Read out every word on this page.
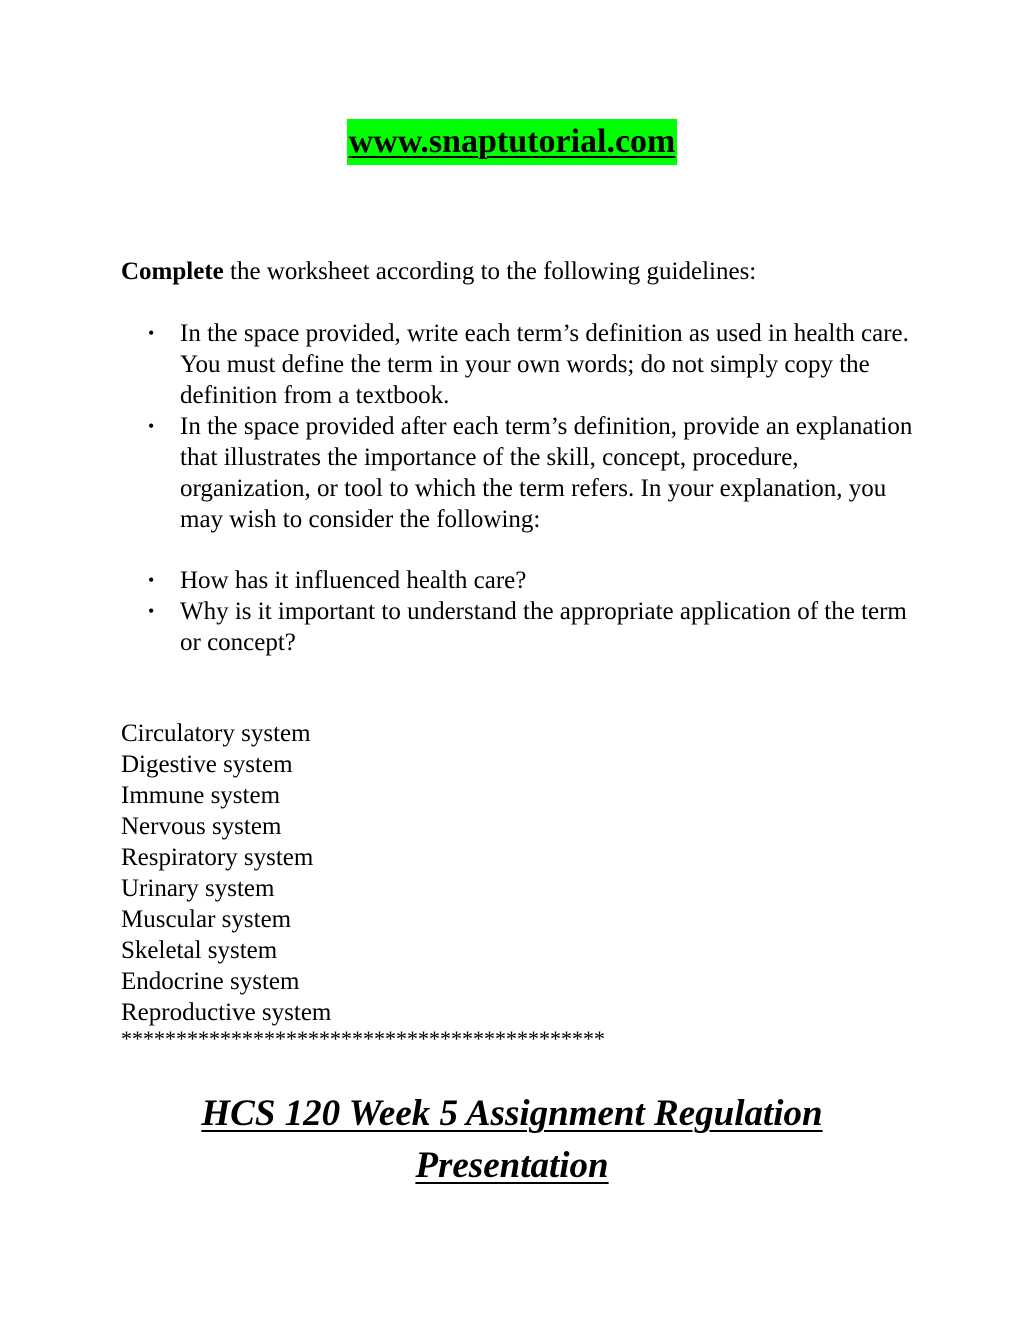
www.snaptutorial.com

Complete the worksheet according to the following guidelines:

• In the space provided, write each term’s definition as used in health care. You must define the term in your own words; do not simply copy the definition from a textbook.
• In the space provided after each term’s definition, provide an explanation that illustrates the importance of the skill, concept, procedure, organization, or tool to which the term refers. In your explanation, you may wish to consider the following:
• How has it influenced health care?
• Why is it important to understand the appropriate application of the term or concept?
Circulatory system
Digestive system
Immune system
Nervous system
Respiratory system
Urinary system
Muscular system
Skeletal system
Endocrine system
Reproductive system
********************************************
HCS 120 Week 5 Assignment Regulation
Presentation
